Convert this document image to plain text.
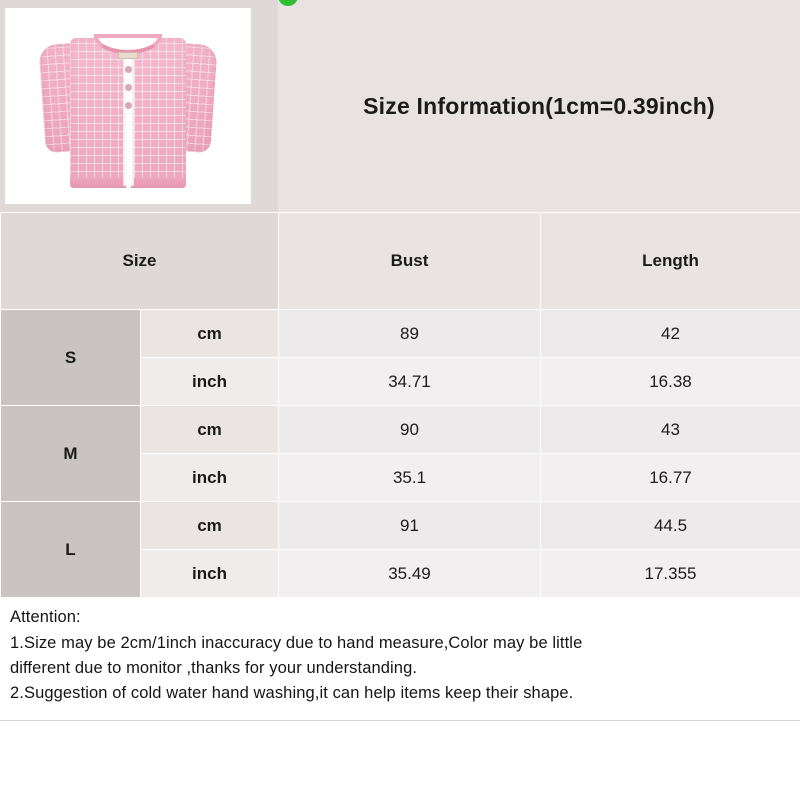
Size Information(1cm=0.39inch)
Size		Bust	Length
S	cm	89	42
	inch	34.71	16.38
M	cm	90	43
	inch	35.1	16.77
L	cm	91	44.5
	inch	35.49	17.355
Attention:
1.Size may be 2cm/1inch inaccuracy due to hand measure,Color may be little
different due to monitor ,thanks for your understanding.
2.Suggestion of cold water hand washing,it can help items keep their shape.
